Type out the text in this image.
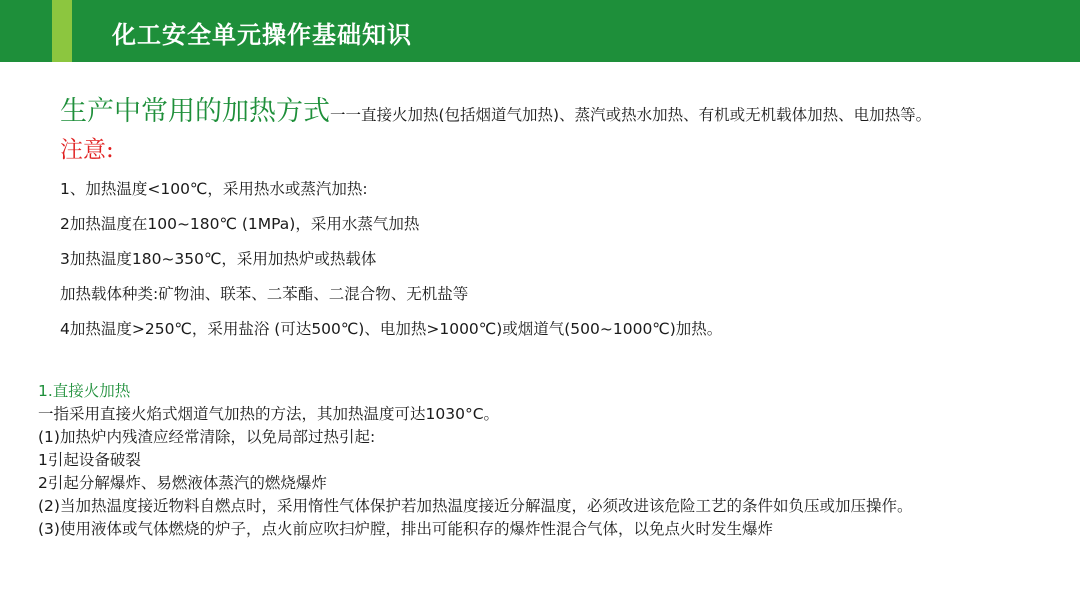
化工安全单元操作基础知识
生产中常用的加热方式一一直接火加热(包括烟道气加热)、蒸汽或热水加热、有机或无机载体加热、电加热等。
注意:
1、加热温度<100℃，采用热水或蒸汽加热:
2加热温度在100~180℃ (1MPa)，采用水蒸气加热
3加热温度180~350℃，采用加热炉或热载体
加热载体种类:矿物油、联苯、二苯酯、二混合物、无机盐等
4加热温度>250℃，采用盐浴 (可达500℃)、电加热>1000℃)或烟道气(500~1000℃)加热。
1.直接火加热
一指采用直接火焰式烟道气加热的方法，其加热温度可达1030°C。
(1)加热炉内残渣应经常清除，以免局部过热引起:
1引起设备破裂
2引起分解爆炸、易燃液体蒸汽的燃烧爆炸
(2)当加热温度接近物料自燃点时，采用惰性气体保护若加热温度接近分解温度，必须改进该危险工艺的条件如负压或加压操作。
(3)使用液体或气体燃烧的炉子，点火前应吹扫炉膛，排出可能积存的爆炸性混合气体，以免点火时发生爆炸
